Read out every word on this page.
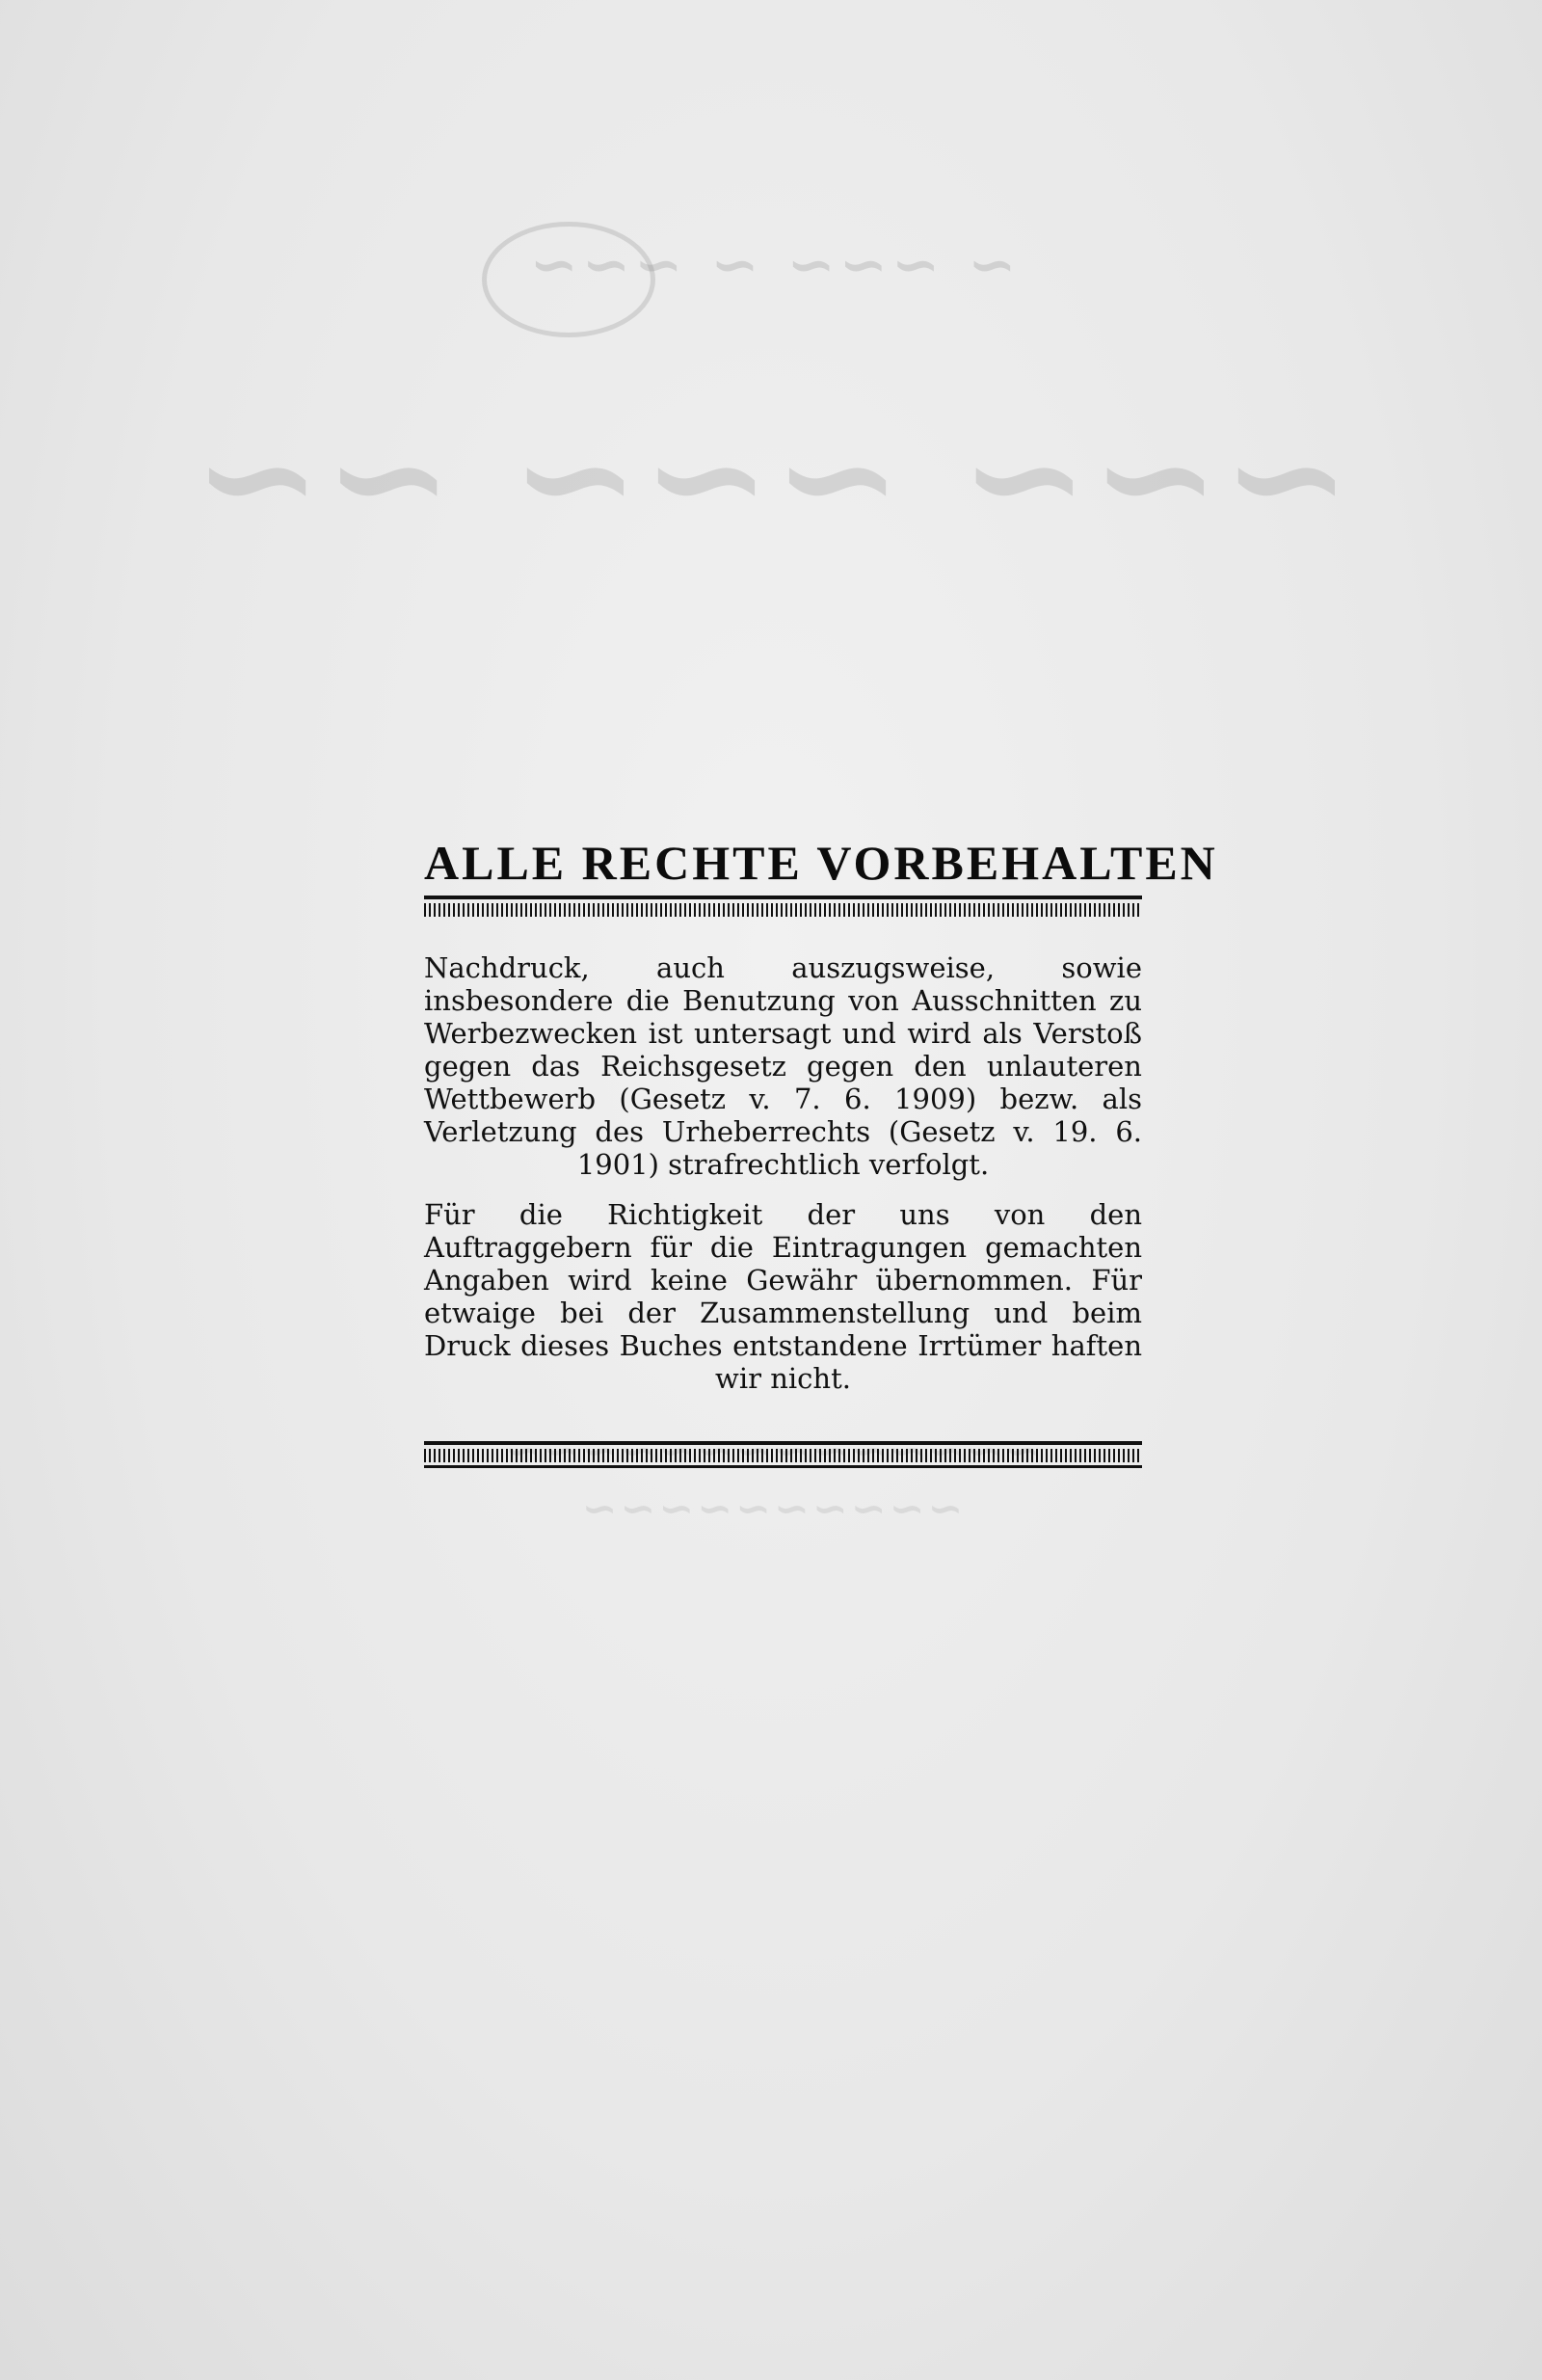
~ ~~~ ~ ~~~
~~~ ~~~ ~~
~~~~~~~~~~
ALLE RECHTE VORBEHALTEN

Nachdruck, auch auszugsweise, sowie insbesondere die Benutzung von Ausschnitten zu Werbezwecken ist untersagt und wird als Verstoß gegen das Reichsgesetz gegen den unlauteren Wettbewerb (Gesetz v. 7. 6. 1909) bezw. als Verletzung des Urheberrechts (Gesetz v. 19. 6. 1901) strafrechtlich verfolgt.

Für die Richtigkeit der uns von den Auftraggebern für die Eintragungen gemachten Angaben wird keine Gewähr übernommen. Für etwaige bei der Zusammenstellung und beim Druck dieses Buches entstandene Irrtümer haften wir nicht.
